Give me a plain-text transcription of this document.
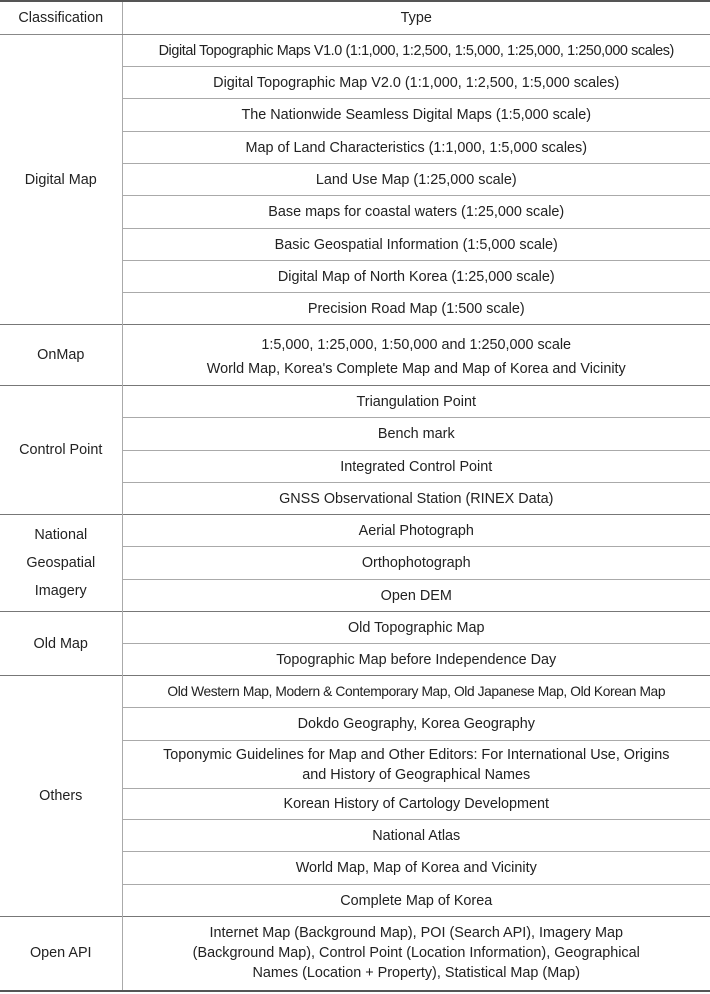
Classification	Type
Digital Map	Digital Topographic Maps V1.0 (1:1,000, 1:2,500, 1:5,000, 1:25,000, 1:250,000 scales)
	Digital Topographic Map V2.0 (1:1,000, 1:2,500, 1:5,000 scales)
	The Nationwide Seamless Digital Maps (1:5,000 scale)
	Map of Land Characteristics (1:1,000, 1:5,000 scales)
	Land Use Map (1:25,000 scale)
	Base maps for coastal waters (1:25,000 scale)
	Basic Geospatial Information (1:5,000 scale)
	Digital Map of North Korea (1:25,000 scale)
	Precision Road Map (1:500 scale)
OnMap	1:5,000, 1:25,000, 1:50,000 and 1:250,000 scale
	World Map, Korea's Complete Map and Map of Korea and Vicinity
Control Point	Triangulation Point
	Bench mark
	Integrated Control Point
	GNSS Observational Station (RINEX Data)
National Geospatial Imagery	Aerial Photograph
	Orthophotograph
	Open DEM
Old Map	Old Topographic Map
	Topographic Map before Independence Day
Others	Old Western Map, Modern & Contemporary Map, Old Japanese Map, Old Korean Map
	Dokdo Geography, Korea Geography
	Toponymic Guidelines for Map and Other Editors: For International Use, Origins and History of Geographical Names
	Korean History of Cartology Development
	National Atlas
	World Map, Map of Korea and Vicinity
	Complete Map of Korea
Open API	Internet Map (Background Map), POI (Search API), Imagery Map (Background Map), Control Point (Location Information), Geographical Names (Location + Property), Statistical Map (Map)
